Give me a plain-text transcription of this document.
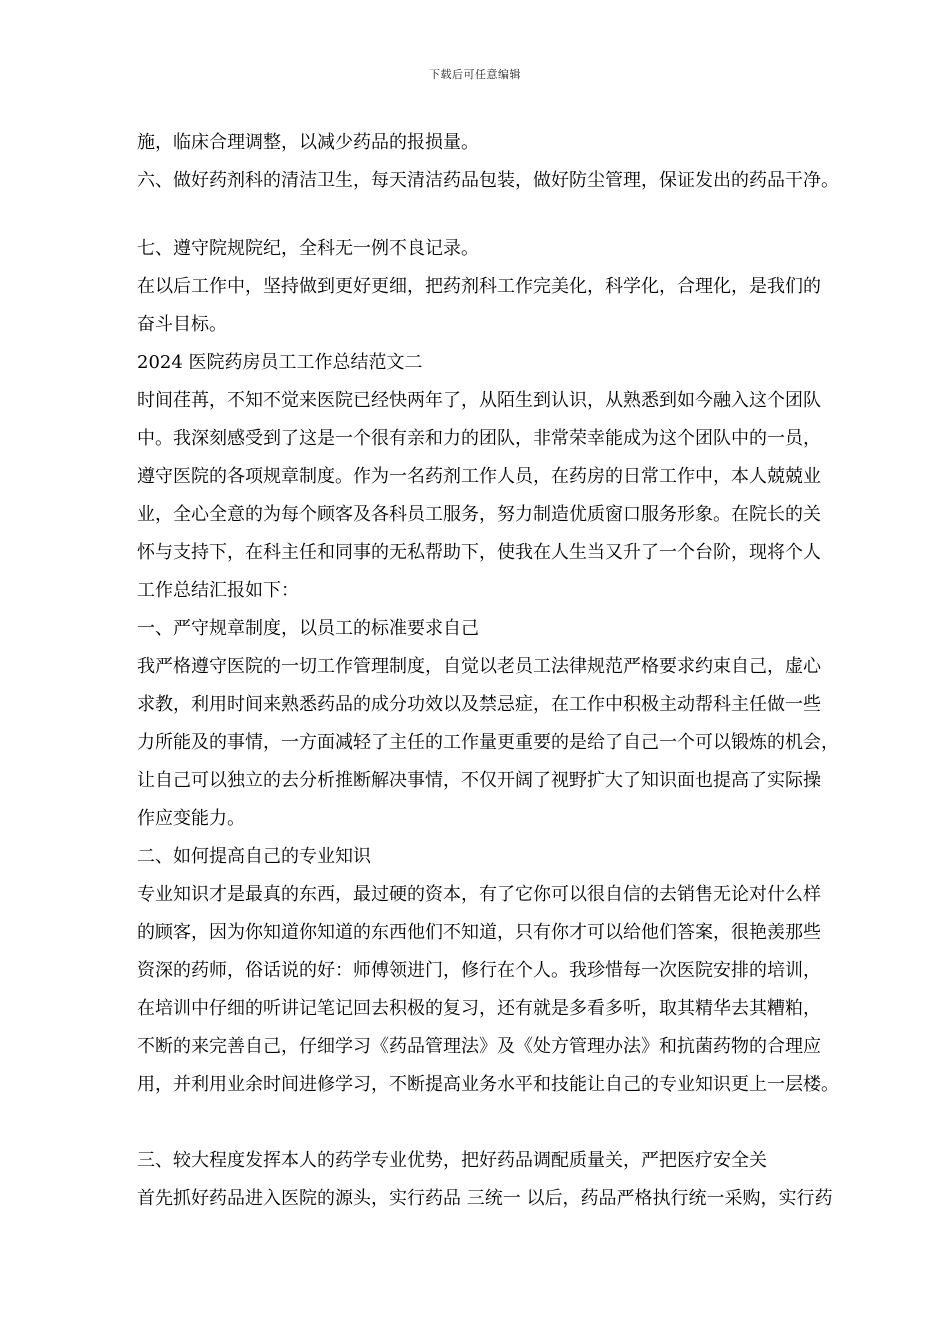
下载后可任意编辑
施，临床合理调整，以减少药品的报损量。
六、做好药剂科的清洁卫生，每天清洁药品包装，做好防尘管理，保证发出的药品干净。
七、遵守院规院纪，全科无一例不良记录。
在以后工作中，坚持做到更好更细，把药剂科工作完美化，科学化，合理化，是我们的
奋斗目标。
2024 医院药房员工工作总结范文二
时间荏苒，不知不觉来医院已经快两年了，从陌生到认识，从熟悉到如今融入这个团队
中。我深刻感受到了这是一个很有亲和力的团队，非常荣幸能成为这个团队中的一员，
遵守医院的各项规章制度。作为一名药剂工作人员，在药房的日常工作中，本人兢兢业
业，全心全意的为每个顾客及各科员工服务，努力制造优质窗口服务形象。在院长的关
怀与支持下，在科主任和同事的无私帮助下，使我在人生当又升了一个台阶，现将个人
工作总结汇报如下：
一、严守规章制度，以员工的标准要求自己
我严格遵守医院的一切工作管理制度，自觉以老员工法律规范严格要求约束自己，虚心
求教，利用时间来熟悉药品的成分功效以及禁忌症，在工作中积极主动帮科主任做一些
力所能及的事情，一方面减轻了主任的工作量更重要的是给了自己一个可以锻炼的机会，
让自己可以独立的去分析推断解决事情，不仅开阔了视野扩大了知识面也提高了实际操
作应变能力。
二、如何提高自己的专业知识
专业知识才是最真的东西，最过硬的资本，有了它你可以很自信的去销售无论对什么样
的顾客，因为你知道你知道的东西他们不知道，只有你才可以给他们答案，很艳羡那些
资深的药师，俗话说的好：师傅领进门，修行在个人。我珍惜每一次医院安排的培训，
在培训中仔细的听讲记笔记回去积极的复习，还有就是多看多听，取其精华去其糟粕，
不断的来完善自己，仔细学习《药品管理法》及《处方管理办法》和抗菌药物的合理应
用，并利用业余时间进修学习，不断提高业务水平和技能让自己的专业知识更上一层楼。
三、较大程度发挥本人的药学专业优势，把好药品调配质量关，严把医疗安全关
首先抓好药品进入医院的源头，实行药品 三统一 以后，药品严格执行统一采购，实行药
